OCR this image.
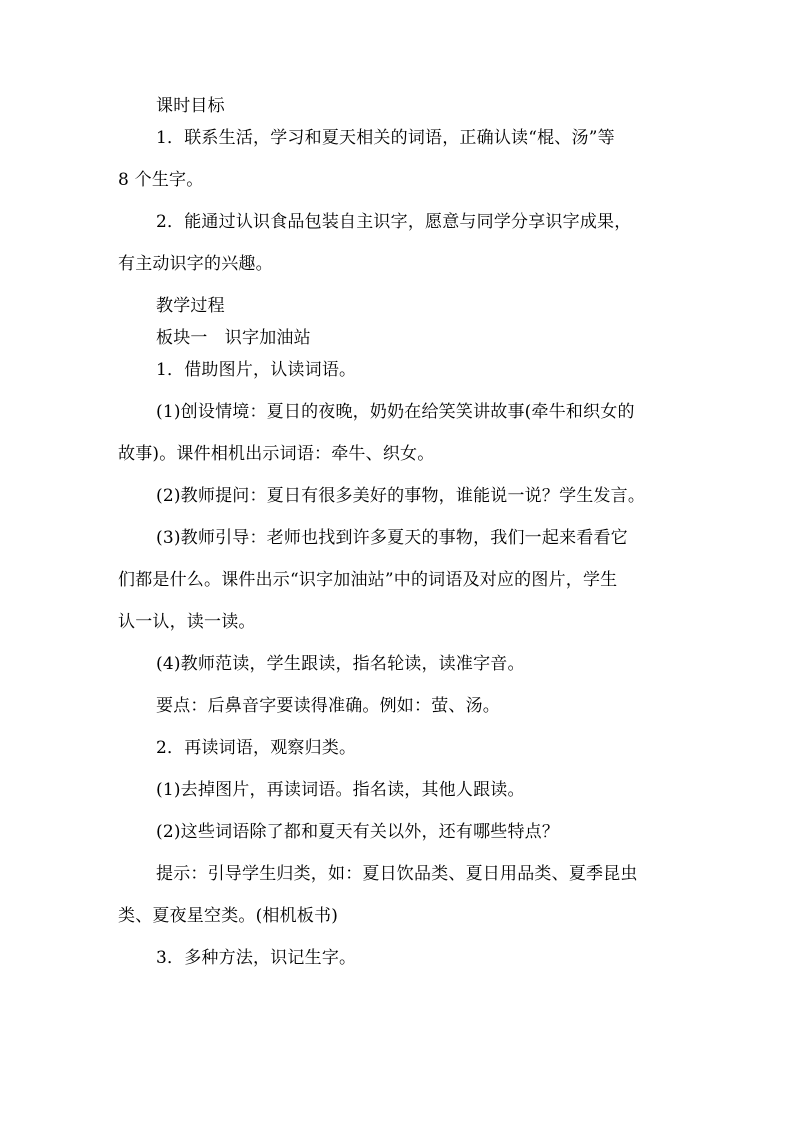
课时目标

1．联系生活，学习和夏天相关的词语，正确认读“棍、汤”等

8 个生字。

2．能通过认识食品包装自主识字，愿意与同学分享识字成果，

有主动识字的兴趣。

教学过程

板块一　识字加油站

1．借助图片，认读词语。

(1)创设情境：夏日的夜晚，奶奶在给笑笑讲故事(牵牛和织女的

故事)。课件相机出示词语：牵牛、织女。

(2)教师提问：夏日有很多美好的事物，谁能说一说？学生发言。

(3)教师引导：老师也找到许多夏天的事物，我们一起来看看它

们都是什么。课件出示“识字加油站”中的词语及对应的图片，学生

认一认，读一读。

(4)教师范读，学生跟读，指名轮读，读准字音。

要点：后鼻音字要读得准确。例如：萤、汤。

2．再读词语，观察归类。

(1)去掉图片，再读词语。指名读，其他人跟读。

(2)这些词语除了都和夏天有关以外，还有哪些特点？

提示：引导学生归类，如：夏日饮品类、夏日用品类、夏季昆虫

类、夏夜星空类。(相机板书)

3．多种方法，识记生字。
